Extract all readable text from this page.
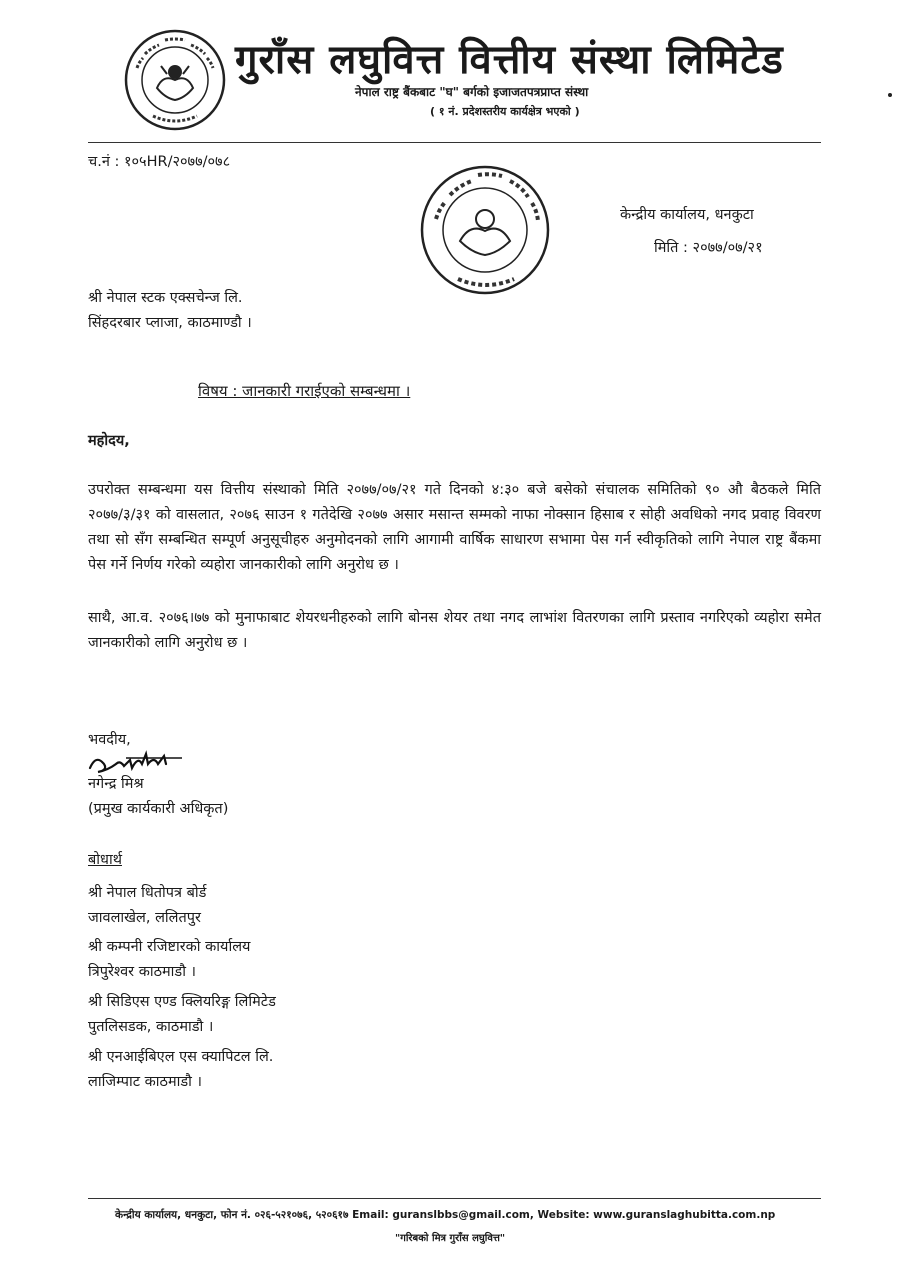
गुराँस लघुवित्त वित्तीय संस्था लिमिटेड
नेपाल राष्ट्र बैंकबाट "घ" बर्गको इजाजतपत्रप्राप्त संस्था
( १ नं. प्रदेशस्तरीय कार्यक्षेत्र भएको )
च.नं : १०५HR/२०७७/०७८
केन्द्रीय कार्यालय, धनकुटा
मिति : २०७७/०७/२१
श्री नेपाल स्टक एक्सचेन्ज लि.
सिंहदरबार प्लाजा, काठमाण्डौ ।
विषय : जानकारी गराईएको सम्बन्धमा ।
महोदय,
उपरोक्त सम्बन्धमा यस वित्तीय संस्थाको मिति २०७७/०७/२१ गते दिनको ४:३० बजे बसेको संचालक समितिको ९० औ बैठकले मिति २०७७/३/३१ को वासलात, २०७६ साउन १ गतेदेखि २०७७ असार मसान्त सम्मको नाफा नोक्सान हिसाब र सोही अवधिको नगद प्रवाह विवरण तथा सो सँग सम्बन्धित सम्पूर्ण अनुसूचीहरु अनुमोदनको लागि आगामी वार्षिक साधारण सभामा पेस गर्न स्वीकृतिको लागि नेपाल राष्ट्र बैंकमा पेस गर्ने निर्णय गरेको व्यहोरा जानकारीको लागि अनुरोध छ ।
साथै, आ.व. २०७६।७७ को मुनाफाबाट शेयरधनीहरुको लागि बोनस शेयर तथा नगद लाभांश वितरणका लागि प्रस्ताव नगरिएको व्यहोरा समेत जानकारीको लागि अनुरोध छ ।
भवदीय,
नगेन्द्र मिश्र
(प्रमुख कार्यकारी अधिकृत)
बोधार्थ
श्री नेपाल धितोपत्र बोर्ड
जावलाखेल, ललितपुर
श्री कम्पनी रजिष्टारको कार्यालय
त्रिपुरेश्वर काठमाडौ ।
श्री सिडिएस एण्ड क्लियरिङ्ग लिमिटेड
पुतलिसडक, काठमाडौ ।
श्री एनआईबिएल एस क्यापिटल लि.
लाजिम्पाट काठमाडौ ।
केन्द्रीय कार्यालय, धनकुटा, फोन नं. ०२६-५२१०७६, ५२०६१७ Email: guranslbbs@gmail.com, Website: www.guranslaghubitta.com.np
"गरिबको मित्र गुराँस लघुवित्त"
